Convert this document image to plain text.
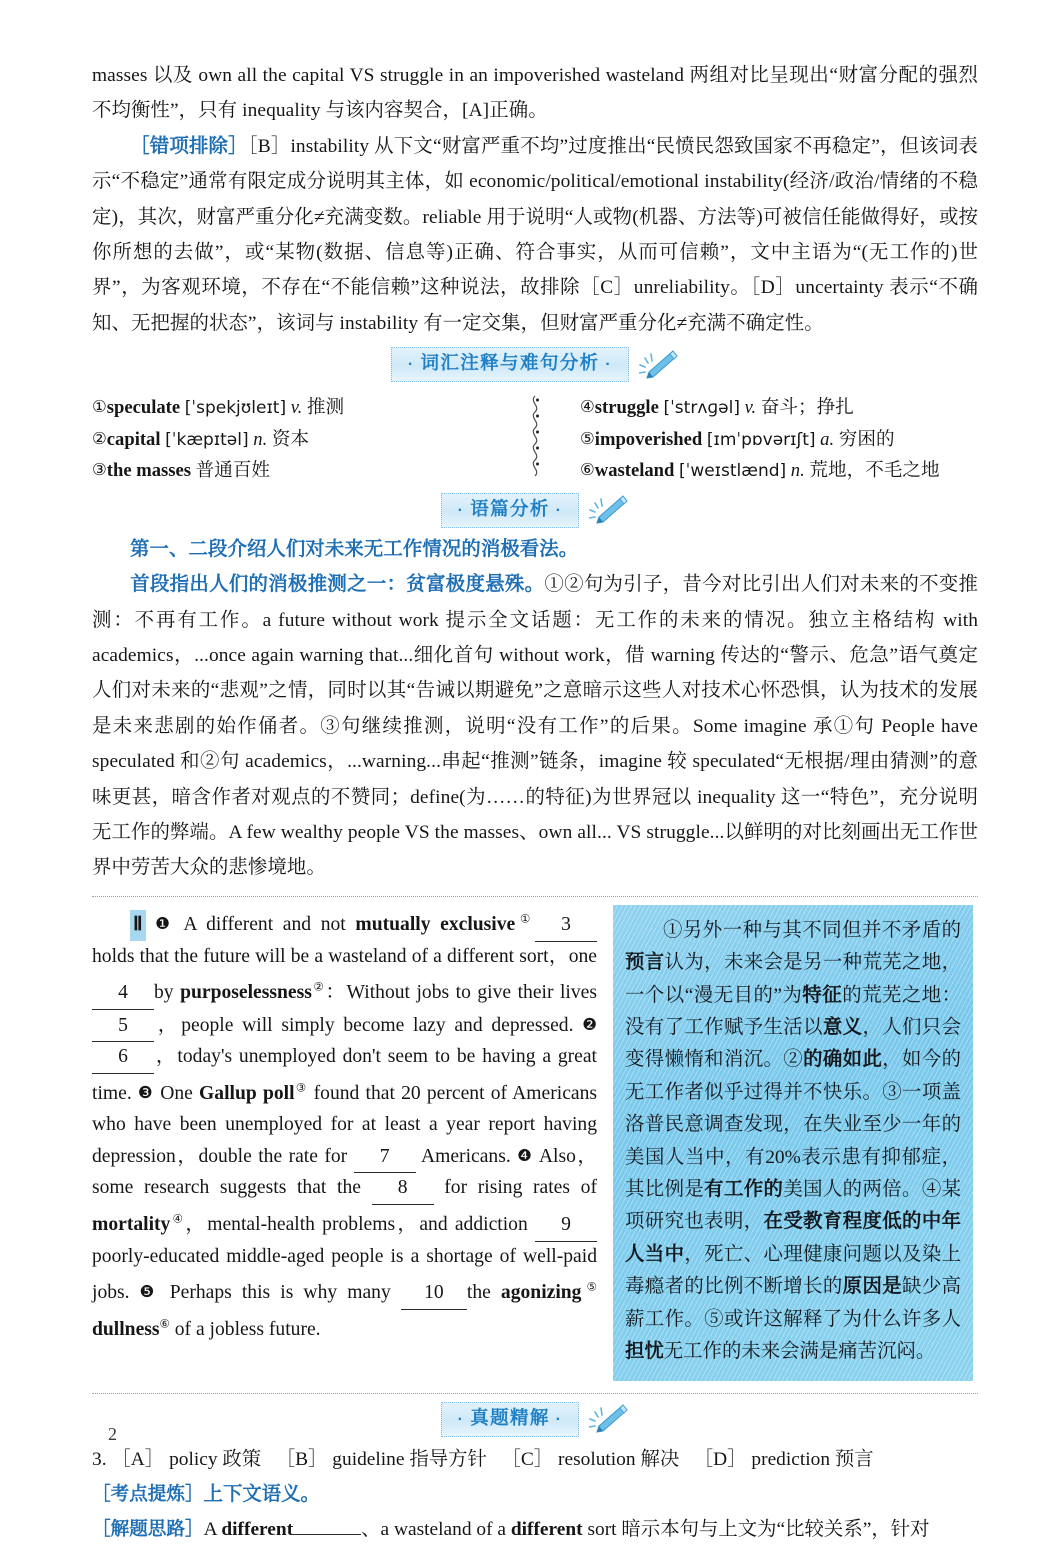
masses 以及 own all the capital VS struggle in an impoverished wasteland 两组对比呈现出“财富分配的强烈不均衡性”，只有 inequality 与该内容契合，[A]正确。

［错项排除］［B］instability 从下文“财富严重不均”过度推出“民愤民怨致国家不再稳定”，但该词表示“不稳定”通常有限定成分说明其主体，如 economic/political/emotional instability(经济/政治/情绪的不稳定)，其次，财富严重分化≠充满变数。reliable 用于说明“人或物(机器、方法等)可被信任能做得好，或按你所想的去做”，或“某物(数据、信息等)正确、符合事实，从而可信赖”，文中主语为“(无工作的)世界”，为客观环境，不存在“不能信赖”这种说法，故排除［C］unreliability。［D］uncertainty 表示“不确知、无把握的状态”，该词与 instability 有一定交集，但财富严重分化≠充满不确定性。

· 词汇注释与难句分析 ·
①speculate [ˈspekjʊleɪt] v. 推测
②capital [ˈkæpɪtəl] n. 资本
③the masses 普通百姓
④struggle [ˈstrʌɡəl] v. 奋斗；挣扎
⑤impoverished [ɪmˈpɒvərɪʃt] a. 穷困的
⑥wasteland [ˈweɪstlænd] n. 荒地，不毛之地
· 语篇分析 ·

第一、二段介绍人们对未来无工作情况的消极看法。

首段指出人们的消极推测之一：贫富极度悬殊。①②句为引子，昔今对比引出人们对未来的不变推测：不再有工作。a future without work 提示全文话题：无工作的未来的情况。独立主格结构 with academics，...once again warning that...细化首句 without work，借 warning 传达的“警示、危急”语气奠定人们对未来的“悲观”之情，同时以其“告诫以期避免”之意暗示这些人对技术心怀恐惧，认为技术的发展是未来悲剧的始作俑者。③句继续推测，说明“没有工作”的后果。Some imagine 承①句 People have speculated 和②句 academics，...warning...串起“推测”链条，imagine 较 speculated“无根据/理由猜测”的意味更甚，暗含作者对观点的不赞同；define(为……的特征)为世界冠以 inequality 这一“特色”，充分说明无工作的弊端。A few wealthy people VS the masses、own all... VS struggle...以鲜明的对比刻画出无工作世界中劳苦大众的悲惨境地。

Ⅱ ❶ A different and not mutually exclusive① 3 holds that the future will be a wasteland of a different sort，one 4 by purposelessness②：Without jobs to give their lives 5 ，people will simply become lazy and depressed. ❷6 ，today's unemployed don't seem to be having a great time. ❸ One Gallup poll③ found that 20 percent of Americans who have been unemployed for at least a year report having depression，double the rate for 7 Americans. ❹ Also，some research suggests that the 8 for rising rates of mortality④，mental-health problems，and addiction 9 poorly-educated middle-aged people is a shortage of well-paid jobs. ❺ Perhaps this is why many 10 the agonizing⑤ dullness⑥ of a jobless future.

①另外一种与其不同但并不矛盾的预言认为，未来会是另一种荒芜之地，一个以“漫无目的”为特征的荒芜之地：没有了工作赋予生活以意义，人们只会变得懒惰和消沉。②的确如此，如今的无工作者似乎过得并不快乐。③一项盖洛普民意调查发现，在失业至少一年的美国人当中，有20%表示患有抑郁症，其比例是有工作的美国人的两倍。④某项研究也表明，在受教育程度低的中年人当中，死亡、心理健康问题以及染上毒瘾者的比例不断增长的原因是缺少高薪工作。⑤或许这解释了为什么许多人担忧无工作的未来会满是痛苦沉闷。

· 真题精解 ·
3. ［A］ policy 政策 ［B］ guideline 指导方针 ［C］ resolution 解决 ［D］ prediction 预言
［考点提炼］上下文语义。
［解题思路］A different	、a wasteland of a different sort 暗示本句与上文为“比较关系”，针对
2
